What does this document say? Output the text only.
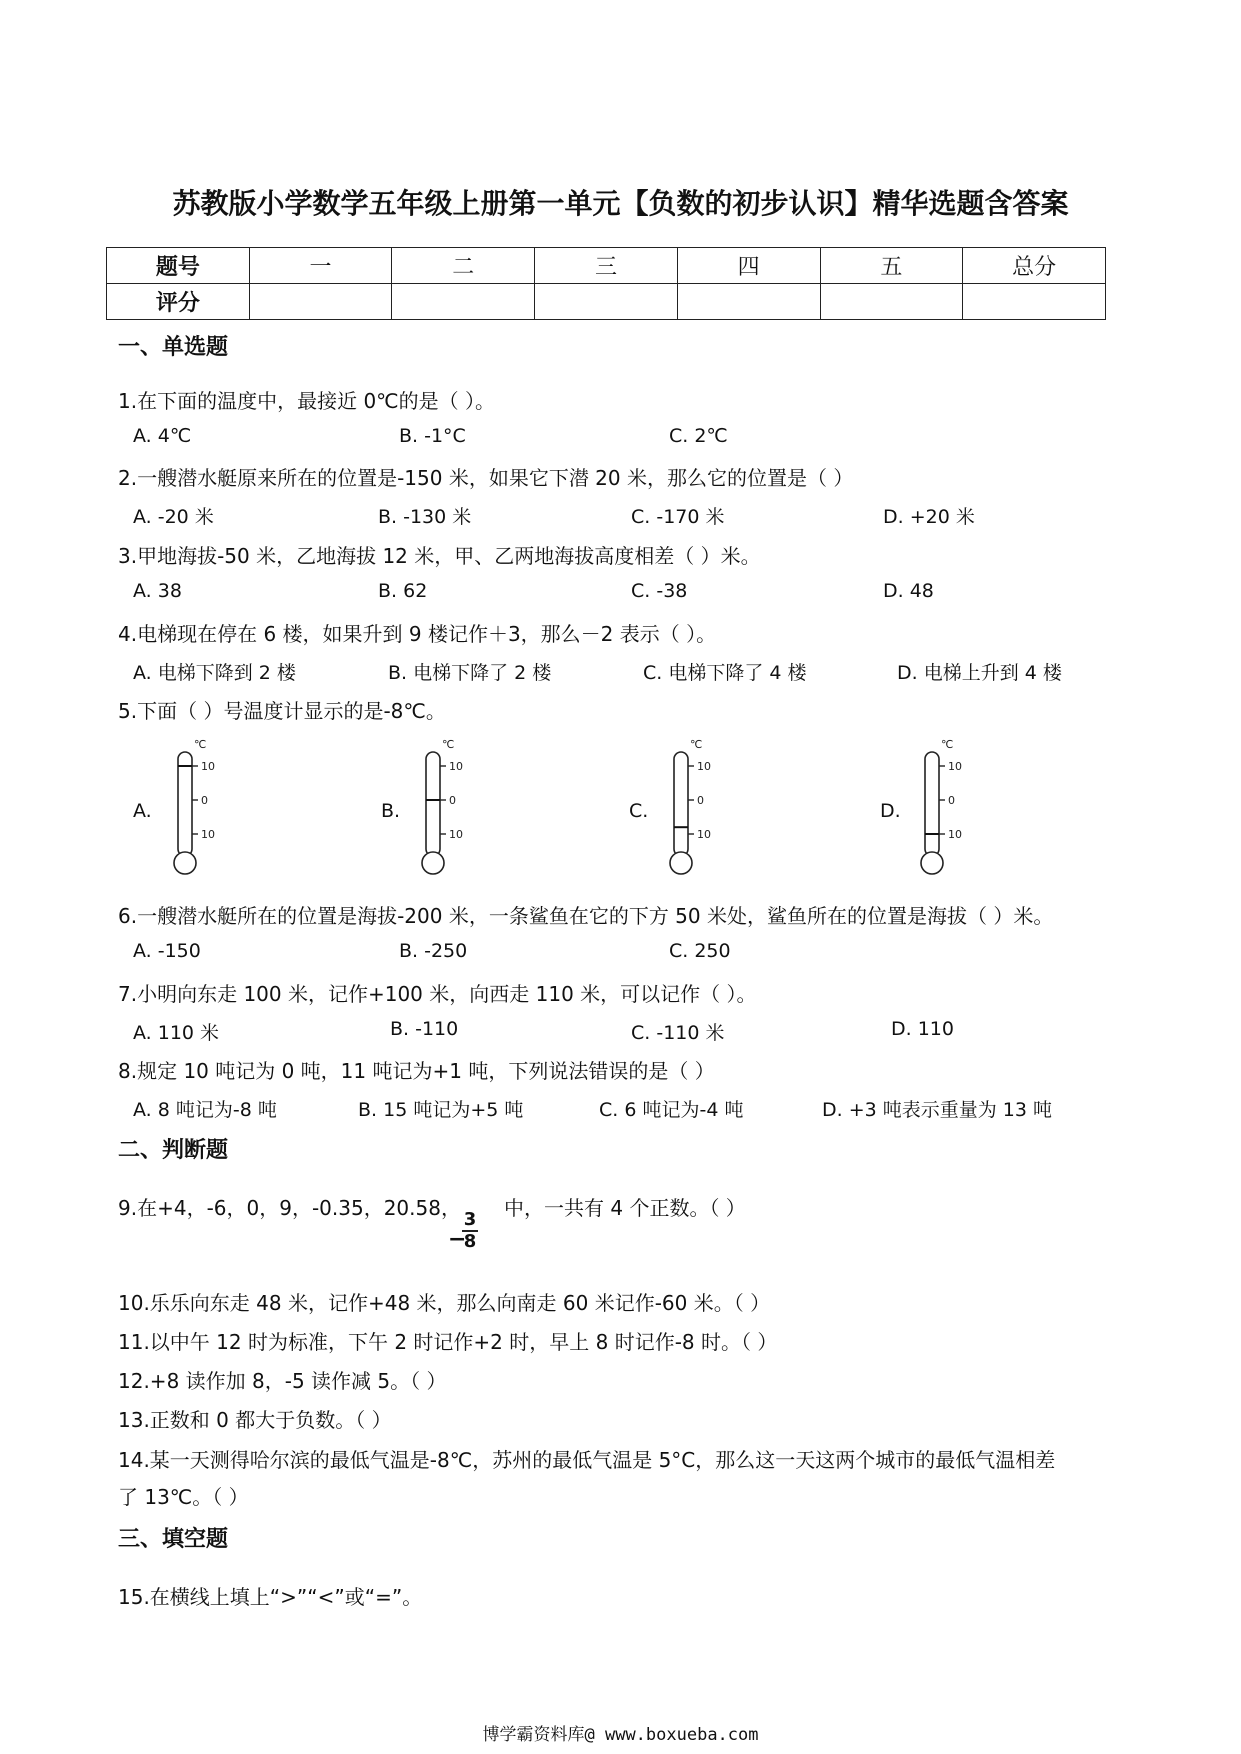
苏教版小学数学五年级上册第一单元【负数的初步认识】精华选题含答案
题号	一	二	三	四	五	总分
评分						
一、单选题
1.在下面的温度中，最接近 0℃的是（ ）。
A. 4℃	B. -1°C	C. 2℃
2.一艘潜水艇原来所在的位置是-150 米，如果它下潜 20 米，那么它的位置是（ ）
A. -20 米	B. -130 米	C. -170 米	D. +20 米
3.甲地海拔-50 米，乙地海拔 12 米，甲、乙两地海拔高度相差（ ）米。
A. 38	B. 62	C. -38	D. 48
4.电梯现在停在 6 楼，如果升到 9 楼记作＋3，那么－2 表示（ ）。
A. 电梯下降到 2 楼	B. 电梯下降了 2 楼	C. 电梯下降了 4 楼	D. 电梯上升到 4 楼
5.下面（ ）号温度计显示的是-8℃。
A.	B.	C.	D.
10
0
10
℃
10
0
10
℃
10
0
10
℃
10
0
10
℃
6.一艘潜水艇所在的位置是海拔-200 米，一条鲨鱼在它的下方 50 米处，鲨鱼所在的位置是海拔（ ）米。
A. -150	B. -250	C. 250
7.小明向东走 100 米，记作+100 米，向西走 110 米，可以记作（ ）。
A. 110 米	B. -110	C. -110 米	D. 110
8.规定 10 吨记为 0 吨，11 吨记为+1 吨，下列说法错误的是（ ）
A. 8 吨记为-8 吨	B. 15 吨记为+5 吨	C. 6 吨记为-4 吨	D. +3 吨表示重量为 13 吨
二、判断题
9.在+4，-6，0，9，-0.35，20.58，
−
3
8
中，一共有 4 个正数。（ ）
10.乐乐向东走 48 米，记作+48 米，那么向南走 60 米记作-60 米。（ ）
11.以中午 12 时为标准，下午 2 时记作+2 时，早上 8 时记作-8 时。（ ）
12.+8 读作加 8，-5 读作减 5。（ ）
13.正数和 0 都大于负数。（ ）
14.某一天测得哈尔滨的最低气温是-8℃，苏州的最低气温是 5°C，那么这一天这两个城市的最低气温相差
了 13℃。（ ）
三、填空题
15.在横线上填上“>”“<”或“=”。
博学霸资料库@ www.boxueba.com
